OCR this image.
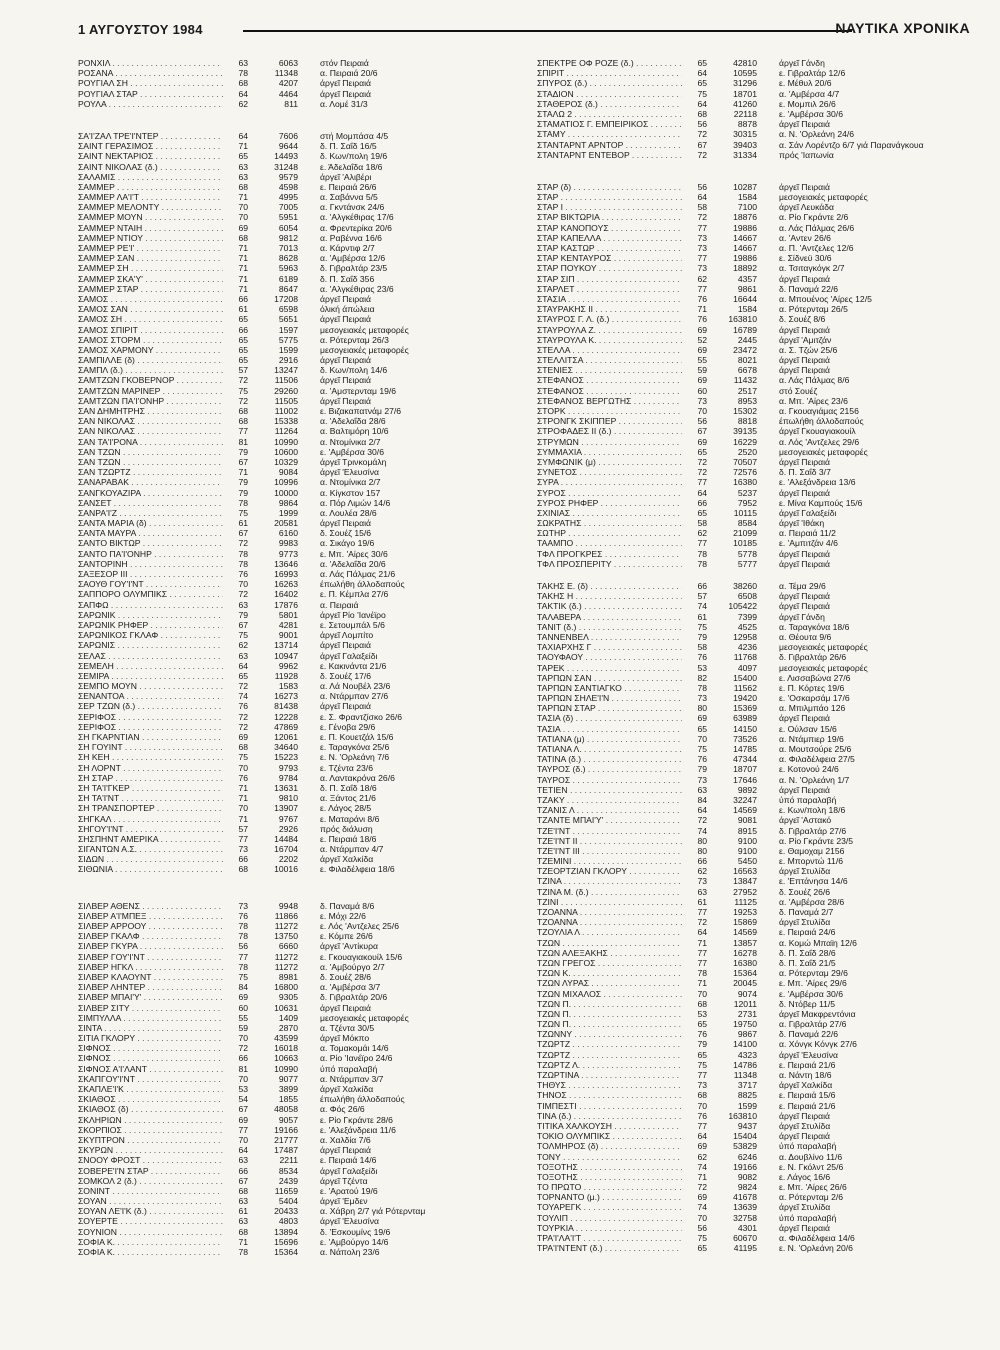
1 ΑΥΓΟΥΣΤΟΥ 1984	ΝΑΥΤΙΚΑ ΧΡΟΝΙΚΑ
ΡΟΝΧΙΛ . . .	63	6063	στόν Πειραιά
ΡΟΣΑΝΑ . . .	78	11348	α. Πειραιά 20/6
ΡΟΥΓΙΑΛ ΣΗ . . .	68	4207	άργεῖ Πειραιά
ΡΟΥΓΙΑΛ ΣΤΑΡ . . .	64	4464	άργεῖ Πειραιά
ΡΟΥΛΑ . . .	62	811	α. Λομέ 31/3
ΣΑ'Ι'ΖΑΛ ΤΡΕ'Ι'ΝΤΕΡ . . .	64	7606	στή Μομπάσα 4/5
ΣΑΙΝΤ ΓΕΡΑΣΙΜΟΣ . . .	71	9644	δ. Π. Σαΐδ 16/5
ΣΑΙΝΤ ΝΕΚΤΑΡΙΟΣ . . .	65	14493	δ. Κων/πολη 19/6
ΣΑΙΝΤ ΝΙΚΟΛΑΣ (δ.) . . .	63	31248	ε. Άδελαΐδα 18/6
ΣΑΛΑΜΙΣ . . .	63	9579	άργεῖ 'Αλιβέρι
ΣΑΜΜΕΡ . . .	68	4598	ε. Πειραιά 26/6
ΣΑΜΜΕΡ ΛΑ'Ι'Τ . . .	71	4995	α. Σαβάννα 5/5
ΣΑΜΜΕΡ ΜΕΛΟΝΤΥ . . .	70	7005	α. Γκντάνσκ 24/6
ΣΑΜΜΕΡ ΜΟΥΝ . . .	70	5951	α. 'Αλγκέθιρας 17/6
ΣΑΜΜΕΡ ΝΤΑΙΗ . . .	69	6054	α. Φρεντερίκα 20/6
ΣΑΜΜΕΡ ΝΤΙΟΥ . . .	68	9812	α. Ραβέννα 16/6
ΣΑΜΜΕΡ ΡΕ'Ι' . . .	71	7013	α. Κάρντιφ 2/7
ΣΑΜΜΕΡ ΣΑΝ . . .	71	8628	α. 'Αμβέρσα 12/6
ΣΑΜΜΕΡ ΣΗ . . .	71	5963	δ. Γιβραλτάρ 23/5
ΣΑΜΜΕΡ ΣΚΑ'Υ' . . .	71	6189	δ. Π. Σαΐδ 356
ΣΑΜΜΕΡ ΣΤΑΡ . . .	71	8647	α. 'Αλγκέθιρας 23/6
ΣΑΜΟΣ . . .	66	17208	άργεῖ Πειραιά
ΣΑΜΟΣ ΣΑΝ . . .	61	6598	όλική άπώλεια
ΣΑΜΟΣ ΣΗ . . .	65	5651	άργεῖ Πειραιά
ΣΑΜΟΣ ΣΠΙΡΙΤ . . .	66	1597	μεσογειακές μεταφορές
ΣΑΜΟΣ ΣΤΟΡΜ . . .	65	5775	α. Ρότερνταμ 26/3
ΣΑΜΟΣ ΧΑΡΜΟΝΥ . . .	65	1599	μεσογειακές μεταφορές
ΣΑΜΠΙΛΛΕ (δ) . . .	65	2916	άργεῖ Πειραιά
ΣΑΜΠΛ (δ.) . . .	57	13247	δ. Κων/πολη 14/6
ΣΑΜΤΖΩΝ ΓΚΟΒΕΡΝΟΡ . . .	72	11506	άργεῖ Πειραιά
ΣΑΜΤΖΩΝ ΜΑΡΙΝΕΡ . . .	75	29260	α. 'Αμστερνταμ 19/6
ΣΑΜΤΖΩΝ ΠΑ'Ι'ΟΝΗΡ . . .	72	11505	άργεῖ Πειραιά
ΣΑΝ ΔΗΜΗΤΡΗΣ . . .	68	11002	ε. Βιζακαπατνάμ 27/6
ΣΑΝ ΝΙΚΟΛΑΣ . . .	68	15338	α. 'Αδελαΐδα 28/6
ΣΑΝ ΝΙΚΟΛΑΣ . . .	77	11264	α. Βαλτιμόρη 10/6
ΣΑΝ ΤΑ'Ι'ΡΟΝΑ . . .	81	10990	α. Ντομίνικα 2/7
ΣΑΝ ΤΖΩΝ . . .	79	10600	ε. 'Αμβέρσα 30/6
ΣΑΝ ΤΖΩΝ . . .	67	10329	άργεῖ Τρινκομάλη
ΣΑΝ ΤΖΩΡΤΖ . . .	71	9084	άργεῖ 'Ελευσίνα
ΣΑΝΑΡΑΒΑΚ . . .	79	10996	α. Ντομίνικα 2/7
ΣΑΝΓΚΟΥΑΖΙΡΑ . . .	79	10000	α. Κίγκστον 157
ΣΑΝΣΕΤ . . .	78	9864	α. Πόρ Λιμών 14/6
ΣΑΝΡΑ'Ι'Ζ . . .	75	1999	α. Λουλέα 28/6
ΣΑΝΤΑ ΜΑΡΙΑ (δ) . . .	61	20581	άργεῖ Πειραιά
ΣΑΝΤΑ ΜΑΥΡΑ . . .	67	6160	δ. Σουέζ 15/6
ΣΑΝΤΟ ΒΙΚΤΩΡ . . .	72	9983	α. Σικάγο 19/6
ΣΑΝΤΟ ΠΑ'Ι'ΟΝΗΡ . . .	78	9773	ε. Μπ. 'Αίρες 30/6
ΣΑΝΤΟΡΙΝΗ . . .	78	13646	α. 'Αδελαΐδα 20/6
ΣΑΞΕΣΟΡ III . . .	76	16993	α. Λάς Πάλμας 21/6
ΣΑΟΥΘ ΓΟΥ'Ι'ΝΤ . . .	70	16263	έπωλήθη άλλοδαπούς
ΣΑΠΠΟΡΟ ΟΛΥΜΠΙΚΣ . . .	72	16402	ε. Π. Κέμπλα 27/6
ΣΑΠΦΩ . . .	63	17876	α. Πειραιά
ΣΑΡΩΝΙΚ . . .	79	5801	άργεῖ Ρίο 'Ιανέϊρο
ΣΑΡΩΝΙΚ ΡΗΦΕΡ . . .	67	4281	ε. Σετουμπάλ 5/6
ΣΑΡΩΝΙΚΟΣ ΓΚΛΑΦ . . .	75	9001	άργεῖ Λομπίτο
ΣΑΡΩΝΙΣ . . .	62	13714	άργεῖ Πειραιά
ΣΕΛΑΣ . . .	63	10947	άργεῖ Γαλαξείδι
ΣΕΜΕΛΗ . . .	64	9962	ε. Κακινάντα 21/6
ΣΕΜΙΡΑ . . .	65	11928	δ. Σουέζ 17/6
ΣΕΜΠΟ ΜΟΥΝ . . .	72	1583	α. Λά Νουβέλ 23/6
ΣΕΝΑΝΤΟΑ . . .	74	16273	α. Ντάρμπαν 27/6
ΣΕΡ ΤΖΩΝ (δ.) . . .	76	81438	άργεῖ Πειραιά
ΣΕΡΙΦΟΣ . . .	72	12228	ε. Σ. Φραντζίσκο 26/6
ΣΕΡΙΦΟΣ . . .	72	47869	ε. Γένοβα 29/6
ΣΗ ΓΚΑΡΝΤΙΑΝ . . .	69	12061	ε. Π. Κουετζάλ 15/6
ΣΗ ΓΟΥΙΝΤ . . .	68	34640	ε. Ταραγκόνα 25/6
ΣΗ ΚΕΗ . . .	75	15223	ε. Ν. 'Ορλεάνη 7/6
ΣΗ ΛΟΡΝΤ . . .	70	9793	ε. Τζέντα 23/6
ΣΗ ΣΤΑΡ . . .	76	9784	α. Λαντακρόνα 26/6
ΣΗ ΤΑ'Ι'ΓΚΕΡ . . .	71	13631	δ. Π. Σαΐδ 18/6
ΣΗ ΤΑ'Ι'ΝΤ . . .	71	9810	α. Ξάντος 21/6
ΣΗ ΤΡΑΝΣΠΟΡΤΕΡ . . .	70	13907	ε. Λάγος 28/5
ΣΗΓΚΑΛ . . .	71	9767	ε. Ματαράνι 8/6
ΣΗΓΟΥ'Ι'ΝΤ . . .	57	2926	πρός διάλυση
ΣΗΣΠΗΝΤ ΑΜΕΡΙΚΑ . . .	77	14484	ε. Πειραιά 18/6
ΣΙΓΑΝΤΩΝ Α.Σ. . . .	73	16704	α. Ντάρμπαν 4/7
ΣΙΔΩΝ . . .	66	2202	άργεῖ Χαλκίδα
ΣΙΘΩΝΙΑ . . .	68	10016	ε. Φιλαδέλφεια 18/6
ΣΙΛΒΕΡ ΑΘΕΝΣ . . .	73	9948	δ. Παναμά 8/6
ΣΙΛΒΕΡ Α'Ι'ΜΠΕΞ . . .	76	11866	ε. Μόχι 22/6
ΣΙΛΒΕΡ ΑΡΡΟΟΥ . . .	78	11272	ε. Λός 'Αντζελες 25/6
ΣΙΛΒΕΡ ΓΚΑΛΦ . . .	78	13750	ε. Κόμπε 26/6
ΣΙΛΒΕΡ ΓΚΥΡΑ . . .	56	6660	άργεῖ 'Αντίκυρα
ΣΙΛΒΕΡ ΓΟΥ'Ι'ΝΤ . . .	77	11272	ε. Γκουαγιακουίλ 15/6
ΣΙΛΒΕΡ ΗΓΚΛ . . .	78	11272	α. 'Αμβούργο 2/7
ΣΙΛΒΕΡ ΚΛΑΟΥΝΤ . . .	75	8981	δ. Σουέζ 28/6
ΣΙΛΒΕΡ ΛΗΝΤΕΡ . . .	84	16800	α. 'Αμβέρσα 3/7
ΣΙΛΒΕΡ ΜΠΑΙ'Υ' . . .	69	9305	δ. Γιβραλτάρ 20/6
ΣΙΛΒΕΡ ΣΙΤΥ . . .	60	10631	άργεῖ Πειραιά
ΣΙΜΠΥΛΛΑ . . .	55	1409	μεσογειακές μεταφορές
ΣΙΝΤΑ . . .	59	2870	α. Τζέντα 30/5
ΣΙΤΙΑ ΓΚΛΟΡΥ . . .	70	43599	άργεῖ Μόκπο
ΣΙΦΝΟΣ . . .	72	16018	α. Τομακομάι 14/6
ΣΙΦΝΟΣ . . .	66	10663	α. Ρίο 'Ιανέϊρο 24/6
ΣΙΦΝΟΣ Α'Ι'ΛΑΝΤ . . .	81	10990	ύπό παραλαβή
ΣΚΑΠΓΟΥ'Ι'ΝΤ . . .	70	9077	α. Ντάρμπαν 3/7
ΣΚΑΠΛΕ'Ι'Κ . . .	53	3899	άργεῖ Χαλκίδα
ΣΚΙΑΘΟΣ . . .	54	1855	έπωλήθη άλλοδαπούς
ΣΚΙΑΘΟΣ (δ) . . .	67	48058	α. Φός 26/6
ΣΚΛΗΡΙΩΝ . . .	69	9057	ε. Ρίο Γκράντε 28/6
ΣΚΟΡΠΙΟΣ . . .	77	19166	ε. 'Αλεξάνδρεια 11/6
ΣΚΥΠΤΡΟΝ . . .	70	21777	α. Χαλδία 7/6
ΣΚΥΡΩΝ . . .	64	17487	άργεῖ Πειραιά
ΣΝΟΟΥ ΦΡΟΣΤ . . .	63	2211	ε. Πειραιά 14/6
ΣΟΒΕΡΕ'Ι'Ν ΣΤΑΡ . . .	66	8534	άργεῖ Γαλαξείδι
ΣΟΜΚΟΛ 2 (δ.) . . .	67	2439	άργεῖ Τζέντα
ΣΟΝΙΝΤ . . .	68	11659	ε. 'Αρατού 19/6
ΣΟΥΑΝ . . .	63	5404	άργεῖ 'Εμδεν
ΣΟΥΑΝ ΛΕ'Ι'Κ (δ.) . . .	61	20433	α. Χάβρη 2/7 γιά Ρότερνταμ
ΣΟΥΕΡΤΕ . . .	63	4803	άργεῖ 'Ελευσίνα
ΣΟΥΝΙΟΝ . . .	68	13894	δ. 'Εσκουμίνς 19/6
ΣΟΦΙΑ Κ. . . .	71	15696	ε. 'Αμβούργο 14/6
ΣΟΦΙΑ Κ. . . .	78	15364	α. Νάπολη 23/6
ΣΠΕΚΤΡΕ ΟΦ ΡΟΖΕ (δ.) . . .	65	42810	άργεῖ Γάνδη
ΣΠΙΡΙΤ . . .	64	10595	ε. Γιβραλτάρ 12/6
ΣΠΥΡΟΣ (δ.) . . .	65	31296	ε. Μέθυλ 20/6
ΣΤΑΔΙΟΝ . . .	75	18701	α. 'Αμβέρσα 4/7
ΣΤΑΘΕΡΟΣ (δ.) . . .	64	41260	ε. Μομπιλ 26/6
ΣΤΑΛΩ 2 . . .	68	22118	ε. 'Αμβέρσα 30/6
ΣΤΑΜΑΤΙΟΣ Γ. ΕΜΠΕΙΡΙΚΟΣ . . .	56	8878	άργεῖ Πειραιά
ΣΤΑΜΥ . . .	72	30315	α. Ν. 'Ορλεάνη 24/6
ΣΤΑΝΤΑΡΝΤ ΑΡΝΤΟΡ . . .	67	39403	α. Σάν Λορέντζο 6/7 γιά Παρανάγκουα
ΣΤΑΝΤΑΡΝΤ ΕΝΤΕΒΟΡ . . .	72	31334	πρός 'Ιαπωνία
ΣΤΑΡ (δ) . . .	56	10287	άργεῖ Πειραιά
ΣΤΑΡ . . .	64	1584	μεσογειακές μεταφορές
ΣΤΑΡ Ι . . .	58	7100	άργεῖ Λευκάδα
ΣΤΑΡ ΒΙΚΤΩΡΙΑ . . .	72	18876	α. Ρίο Γκράντε 2/6
ΣΤΑΡ ΚΑΝΟΠΟΥΣ . . .	77	19886	α. Λάς Πάλμας 26/6
ΣΤΑΡ ΚΑΠΕΛΛΑ . . .	73	14667	α. 'Αντεν 26/6
ΣΤΑΡ ΚΑΣΤΩΡ . . .	73	14667	α. Π. 'Αντζελες 12/6
ΣΤΑΡ ΚΕΝΤΑΥΡΟΣ . . .	77	19886	ε. Σίδνεϋ 30/6
ΣΤΑΡ ΠΟΥΚΟΥ . . .	73	18892	α. Τσιταγκόγκ 2/7
ΣΤΑΡ ΣΙΠ . . .	62	4357	άργεῖ Πειραιά
ΣΤΑΡΛΕΤ . . .	77	9861	δ. Παναμά 22/6
ΣΤΑΣΙΑ . . .	76	16644	α. Μπουένος 'Αίρες 12/5
ΣΤΑΥΡΑΚΗΣ ΙΙ . . .	71	1584	α. Ρότερνταμ 26/5
ΣΤΑΥΡΟΣ Γ. Λ. (δ.) . . .	76	163810	δ. Σουέζ 8/6
ΣΤΑΥΡΟΥΛΑ Ζ. . . .	69	16789	άργεῖ Πειραιά
ΣΤΑΥΡΟΥΛΑ Κ. . . .	52	2445	άργεῖ 'Αμιτζάν
ΣΤΕΛΛΑ . . .	69	23472	α. Σ. Τζών 25/6
ΣΤΕΛΛΙΤΣΑ . . .	55	8021	άργεῖ Πειραιά
ΣΤΕΝΙΕΣ . . .	59	6678	άργεῖ Πειραιά
ΣΤΕΦΑΝΟΣ . . .	69	11432	α. Λάς Πάλμας 8/6
ΣΤΕΦΑΝΟΣ . . .	60	2517	στό Σουέζ
ΣΤΕΦΑΝΟΣ ΒΕΡΓΩΤΗΣ . . .	73	8953	α. Μπ. 'Αίρες 23/6
ΣΤΟΡΚ . . .	70	15302	α. Γκουαγιάμας 2156
ΣΤΡΟΝΓΚ ΣΚΙΠΠΕΡ . . .	56	8818	έπωλήθη άλλοδαπούς
ΣΤΡΟΦΑΔΕΣ ΙΙ (δ.) . . .	67	39135	άργεῖ Γκουαγιακουίλ
ΣΤΡΥΜΩΝ . . .	69	16229	α. Λός 'Αντζελες 29/6
ΣΥΜΜΑΧΙΑ . . .	65	2520	μεσογειακές μεταφορές
ΣΥΜΦΩΝΙΚ (μ) . . .	72	70507	άργεῖ Πειραιά
ΣΥΝΕΤΟΣ . . .	72	72576	δ. Π. Σαΐδ 3/7
ΣΥΡΑ . . .	77	16380	ε. 'Αλεξάνδρεια 13/6
ΣΥΡΟΣ . . .	64	5237	άργεῖ Πειραιά
ΣΥΡΟΣ ΡΗΦΕΡ . . .	66	7952	ε. Μίνα Καμπούς 15/6
ΣΧΙΝΙΑΣ . . .	65	10115	άργεῖ Γαλαξείδι
ΣΩΚΡΑΤΗΣ . . .	58	8584	άργεῖ 'Ιθάκη
ΣΩΤΗΡ . . .	62	21099	α. Πειραιά 11/2
ΤΑΑΜΠΟ . . .	77	10185	ε. 'Αμπιτζάν 4/6
ΤΦΛ ΠΡΟΓΚΡΕΣ . . .	78	5778	άργεῖ Πειραιά
ΤΦΛ ΠΡΟΣΠΕΡΙΤΥ . . .	78	5777	άργεῖ Πειραιά
ΤΑΚΗΣ Ε. (δ) . . .	66	38260	α. Τέμα 29/6
ΤΑΚΗΣ Η . . .	57	6508	άργεῖ Πειραιά
ΤΑΚΤΙΚ (δ.) . . .	74	105422	άργεῖ Πειραιά
ΤΑΛΑΒΕΡΑ . . .	61	7399	άργεῖ Γάνδη
ΤΑΝΙΤ (δ.) . . .	75	4525	α. Ταραγκόνα 18/6
ΤΑΝΝΕΝΒΕΛ . . .	79	12958	α. Θέουτα 9/6
ΤΑΧΙΑΡΧΗΣ Γ . . .	58	4236	μεσογειακές μεταφορές
ΤΑΟΥΦΑΟΥ . . .	76	11768	δ. Γιβραλτάρ 26/6
ΤΑΡΕΚ . . .	53	4097	μεσογειακές μεταφορές
ΤΑΡΠΩΝ ΣΑΝ . . .	82	15400	ε. Λισσαβώνα 27/6
ΤΑΡΠΩΝ ΣΑΝΤΙΑΓΚΟ . . .	78	11562	ε. Π. Κόρτες 19/6
ΤΑΡΠΩΝ ΣΗΛΕ'Ι'Ν . . .	73	19420	ε. 'Οσκαρσάμ 17/6
ΤΑΡΠΩΝ ΣΤΑΡ . . .	80	15369	α. Μπιλμπάο 126
ΤΑΣΙΑ (δ) . . .	69	63989	άργεῖ Πειραιά
ΤΑΣΙΑ . . .	65	14150	ε. Ούλσαν 15/6
ΤΑΤΙΑΝΑ (μ) . . .	70	73526	α. Ντάμπιερ 19/6
ΤΑΤΙΑΝΑ Λ. . . .	75	14785	α. Μουτσούρε 25/6
ΤΑΤΙΝΑ (δ.) . . .	76	47344	α. Φιλαδέλφεια 27/5
ΤΑΥΡΟΣ (δ.) . . .	79	18707	ε. Κοτονού 24/6
ΤΑΥΡΟΣ . . .	73	17646	α. Ν. 'Ορλεάνη 1/7
ΤΕΤΙΕΝ . . .	63	9892	άργεῖ Πειραιά
ΤΖΑΚΥ . . .	84	32247	ύπό παραλαβή
ΤΖΑΝΙΣ Λ . . .	64	14569	ε. Κων/πολη 18/6
ΤΖΑΝΤΕ ΜΠΑΙ'Υ' . . .	72	9081	άργεῖ 'Αστακό
ΤΖΕ'Ι'ΝΤ . . .	74	8915	δ. Γιβραλτάρ 27/6
ΤΖΕ'Ι'ΝΤ ΙΙ . . .	80	9100	α. Ρίο Γκράντε 23/5
ΤΖΕ'Ι'ΝΤ ΙΙΙ . . .	80	9100	ε. Θαμοχαμ 2156
ΤΖΕΜΙΝΙ . . .	66	5450	ε. Μπορντώ 11/6
ΤΖΕΟΡΤΖΙΑΝ ΓΚΛΟΡΥ . . .	62	16563	άργεῖ Στυλίδα
ΤΖΙΝΑ . . .	73	13847	ε. 'Επτάνησα 14/6
ΤΖΙΝΑ Μ. (δ.) . . .	63	27952	δ. Σουέζ 26/6
ΤΖΙΝΙ . . .	61	11125	α. 'Αμβέρσα 28/6
ΤΖΟΑΝΝΑ . . .	77	19253	δ. Παναμά 2/7
ΤΖΟΑΝΝΑ . . .	72	15869	άργεῖ Στυλίδα
ΤΖΟΥΛΙΑ Λ . . .	64	14569	ε. Πειραιά 24/6
ΤΖΩΝ . . .	71	13857	α. Κομώ Μπαϊη 12/6
ΤΖΩΝ ΑΛΕΞΑΚΗΣ . . .	77	16278	δ. Π. Σαΐδ 28/6
ΤΖΩΝ ΓΡΕΓΟΣ . . .	77	16380	δ. Π. Σαΐδ 21/5
ΤΖΩΝ Κ. . . .	78	15364	α. Ρότερνταμ 29/6
ΤΖΩΝ ΛΥΡΑΣ . . .	71	20045	ε. Μπ. 'Αίρες 29/6
ΤΖΩΝ ΜΙΧΑΛΟΣ . . .	70	9074	ε. 'Αμβέρσα 30/6
ΤΖΩΝ Π. . . .	68	12011	δ. Ντόβερ 11/5
ΤΖΩΝ Π. . . .	53	2731	άργεῖ Μακφρεντόνια
ΤΖΩΝ Π. . . .	65	19750	α. Γιβραλτάρ 27/6
ΤΖΩΝΝΥ . . .	76	9867	δ. Παναμά 22/6
ΤΖΩΡΤΖ . . .	79	14100	α. Χόνγκ Κόνγκ 27/6
ΤΖΩΡΤΖ . . .	65	4323	άργεῖ 'Ελευσίνα
ΤΖΩΡΤΖ Λ. . . .	75	14786	ε. Πειραιά 21/6
ΤΖΩΡΤΙΝΑ . . .	77	11348	α. Νάντη 18/6
ΤΗΘΥΣ . . .	73	3717	άργεῖ Χαλκίδα
ΤΗΝΟΣ . . .	68	8825	ε. Πειραιά 15/6
ΤΙΜΠΕΣΤΙ . . .	70	1599	ε. Πειραιά 21/6
ΤΙΝΑ (δ.) . . .	76	163810	άργεῖ Πειραιά
ΤΙΤΙΚΑ ΧΑΛΚΟΥΣΗ . . .	77	9437	άργεῖ Στυλίδα
ΤΟΚΙΟ ΟΛΥΜΠΙΚΣ . . .	64	15404	άργεῖ Πειραιά
ΤΟΛΜΗΡΟΣ (δ) . . .	69	53829	ύπό παραλαβή
ΤΟΝΥ . . .	62	6246	α. Δουβλίνο 11/6
ΤΟΞΟΤΗΣ . . .	74	19166	ε. Ν. Γκόλντ 25/6
ΤΟΞΟΤΗΣ . . .	71	9082	ε. Λάγος 16/6
ΤΟ ΠΡΩΤΟ . . .	72	9824	ε. Μπ. 'Αίρες 26/6
ΤΟΡΝΑΝΤΟ (μ.) . . .	69	41678	α. Ρότερνταμ 2/6
ΤΟΥΑΡΕΓΚ . . .	74	13639	άργεῖ Στυλίδα
ΤΟΥΛΙΠ . . .	70	32758	ύπό παραλαβή
ΤΟΥΡΚΙΑ . . .	56	4301	άργεῖ Πειραιά
ΤΡΑ'Ι'ΛΑ'Ι'Τ . . .	75	60670	α. Φιλαδέλφεια 14/6
ΤΡΑ'Ι'ΝΤΕΝΤ (δ.) . . .	65	41195	ε. Ν. 'Ορλεάνη 20/6
